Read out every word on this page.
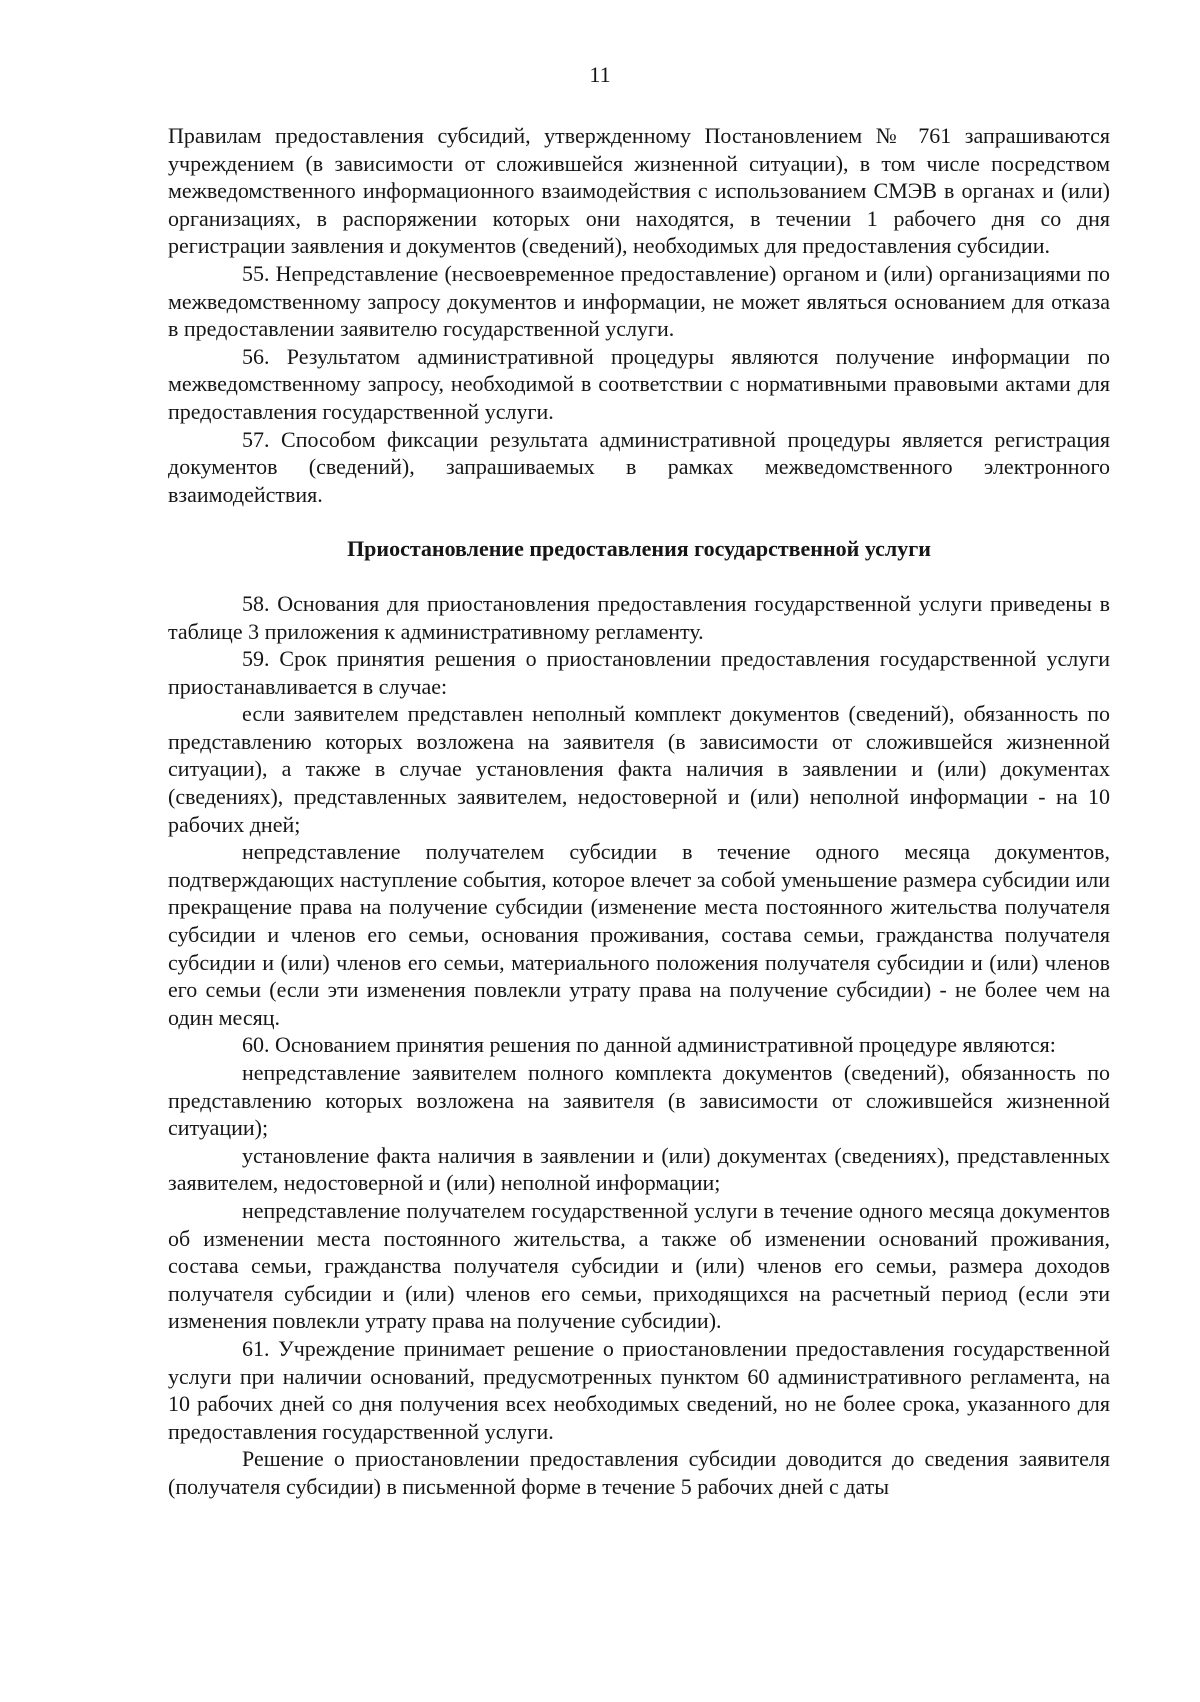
11

Правилам предоставления субсидий, утвержденному Постановлением № 761 запрашиваются учреждением (в зависимости от сложившейся жизненной ситуации), в том числе посредством межведомственного информационного взаимодействия с использованием СМЭВ в органах и (или) организациях, в распоряжении которых они находятся, в течении 1 рабочего дня со дня регистрации заявления и документов (сведений), необходимых для предоставления субсидии.

55. Непредставление (несвоевременное предоставление) органом и (или) организациями по межведомственному запросу документов и информации, не может являться основанием для отказа в предоставлении заявителю государственной услуги.

56. Результатом административной процедуры являются получение информации по межведомственному запросу, необходимой в соответствии с нормативными правовыми актами для предоставления государственной услуги.

57. Способом фиксации результата административной процедуры является регистрация документов (сведений), запрашиваемых в рамках межведомственного электронного взаимодействия.

Приостановление предоставления государственной услуги

58. Основания для приостановления предоставления государственной услуги приведены в таблице 3 приложения к административному регламенту.

59. Срок принятия решения о приостановлении предоставления государственной услуги приостанавливается в случае:

если заявителем представлен неполный комплект документов (сведений), обязанность по представлению которых возложена на заявителя (в зависимости от сложившейся жизненной ситуации), а также в случае установления факта наличия в заявлении и (или) документах (сведениях), представленных заявителем, недостоверной и (или) неполной информации - на 10 рабочих дней;

непредставление получателем субсидии в течение одного месяца документов, подтверждающих наступление события, которое влечет за собой уменьшение размера субсидии или прекращение права на получение субсидии (изменение места постоянного жительства получателя субсидии и членов его семьи, основания проживания, состава семьи, гражданства получателя субсидии и (или) членов его семьи, материального положения получателя субсидии и (или) членов его семьи (если эти изменения повлекли утрату права на получение субсидии) - не более чем на один месяц.

60. Основанием принятия решения по данной административной процедуре являются:

непредставление заявителем полного комплекта документов (сведений), обязанность по представлению которых возложена на заявителя (в зависимости от сложившейся жизненной ситуации);

установление факта наличия в заявлении и (или) документах (сведениях), представленных заявителем, недостоверной и (или) неполной информации;

непредставление получателем государственной услуги в течение одного месяца документов об изменении места постоянного жительства, а также об изменении оснований проживания, состава семьи, гражданства получателя субсидии и (или) членов его семьи, размера доходов получателя субсидии и (или) членов его семьи, приходящихся на расчетный период (если эти изменения повлекли утрату права на получение субсидии).

61. Учреждение принимает решение о приостановлении предоставления государственной услуги при наличии оснований, предусмотренных пунктом 60 административного регламента, на 10 рабочих дней со дня получения всех необходимых сведений, но не более срока, указанного для предоставления государственной услуги.

Решение о приостановлении предоставления субсидии доводится до сведения заявителя (получателя субсидии) в письменной форме в течение 5 рабочих дней с даты
